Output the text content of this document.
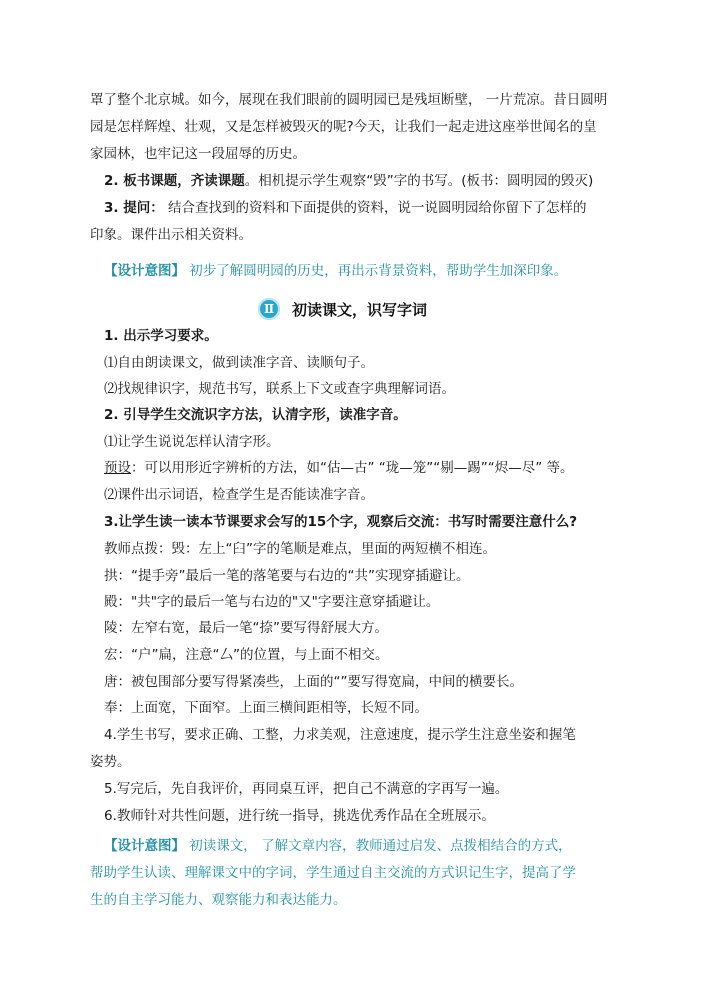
罩了整个北京城。如今，展现在我们眼前的圆明园已是残垣断壁， 一片荒凉。昔日圆明
园是怎样辉煌、壮观，又是怎样被毁灭的呢?今天，让我们一起走进这座举世闻名的皇
家园林，也牢记这一段屈辱的历史。
2. 板书课题，齐读课题。相机提示学生观察“毁”字的书写。(板书：圆明园的毁灭)
3. 提问： 结合查找到的资料和下面提供的资料，说一说圆明园给你留下了怎样的
印象。课件出示相关资料。
【设计意图】 初步了解圆明园的历史，再出示背景资料，帮助学生加深印象。
Ⅱ	初读课文，识写字词
1. 出示学习要求。
⑴自由朗读课文，做到读准字音、读顺句子。
⑵找规律识字，规范书写，联系上下文或查字典理解词语。
2. 引导学生交流识字方法，认清字形，读准字音。
⑴让学生说说怎样认清字形。
预设：可以用形近字辨析的方法，如“估—古” “珑—笼”“剔—踢”“烬—尽” 等。
⑵课件出示词语，检查学生是否能读准字音。
3.让学生读一读本节课要求会写的15个字，观察后交流：书写时需要注意什么?
教师点拨：毁：左上“臼”字的笔顺是难点，里面的两短横不相连。
拱：“提手旁”最后一笔的落笔要与右边的“共”实现穿插避让。
殿："共"字的最后一笔与右边的"又"字要注意穿插避让。
陵：左窄右宽，最后一笔“捺”要写得舒展大方。
宏：“户”扁，注意“厶”的位置，与上面不相交。
唐：被包围部分要写得紧凑些，上面的“”要写得宽扁，中间的横要长。
奉：上面宽，下面窄。上面三横间距相等，长短不同。
4.学生书写，要求正确、工整，力求美观，注意速度，提示学生注意坐姿和握笔
姿势。
5.写完后，先自我评价，再同桌互评，把自己不满意的字再写一遍。
6.教师针对共性问题，进行统一指导，挑选优秀作品在全班展示。
【设计意图】 初读课文， 了解文章内容，教师通过启发、点拨相结合的方式，
帮助学生认读、理解课文中的字词，学生通过自主交流的方式识记生字，提高了学
生的自主学习能力、观察能力和表达能力。
